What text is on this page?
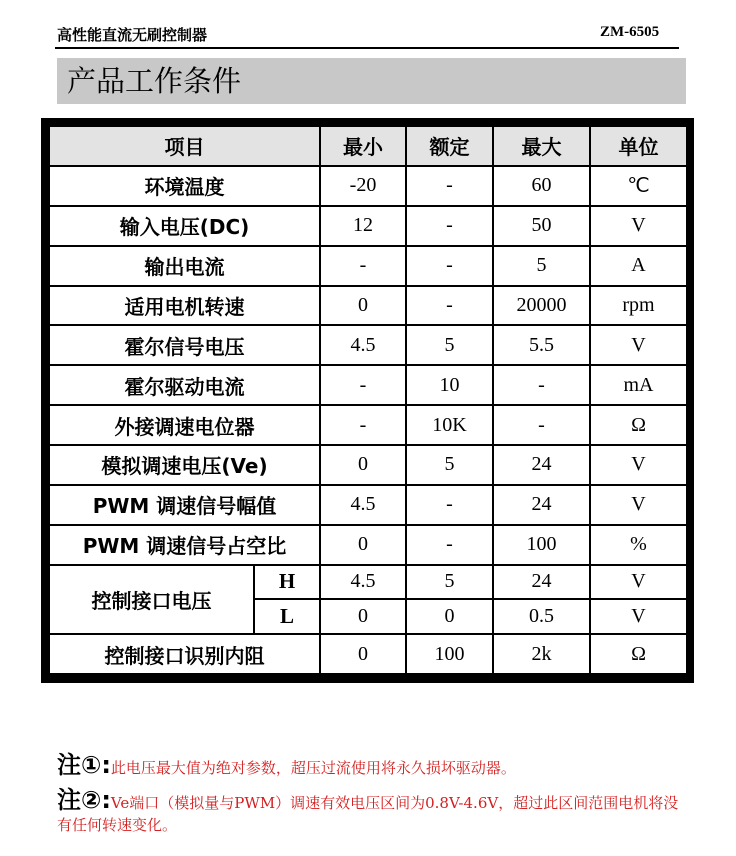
高性能直流无刷控制器	ZM-6505
产品工作条件
项目		最小	额定	最大	单位
环境温度		-20	-	60	℃
输入电压(DC)		12	-	50	V
输出电流		-	-	5	A
适用电机转速		0	-	20000	rpm
霍尔信号电压		4.5	5	5.5	V
霍尔驱动电流		-	10	-	mA
外接调速电位器		-	10K	-	Ω
模拟调速电压(Ve)		0	5	24	V
PWM 调速信号幅值		4.5	-	24	V
PWM 调速信号占空比		0	-	100	%
控制接口电压	H	4.5	5	24	V
	L	0	0	0.5	V
控制接口识别内阻		0	100	2k	Ω
注①:此电压最大值为绝对参数，超压过流使用将永久损坏驱动器。
注②:Ve端口（模拟量与PWM）调速有效电压区间为0.8V-4.6V，超过此区间范围电机将没有任何转速变化。
